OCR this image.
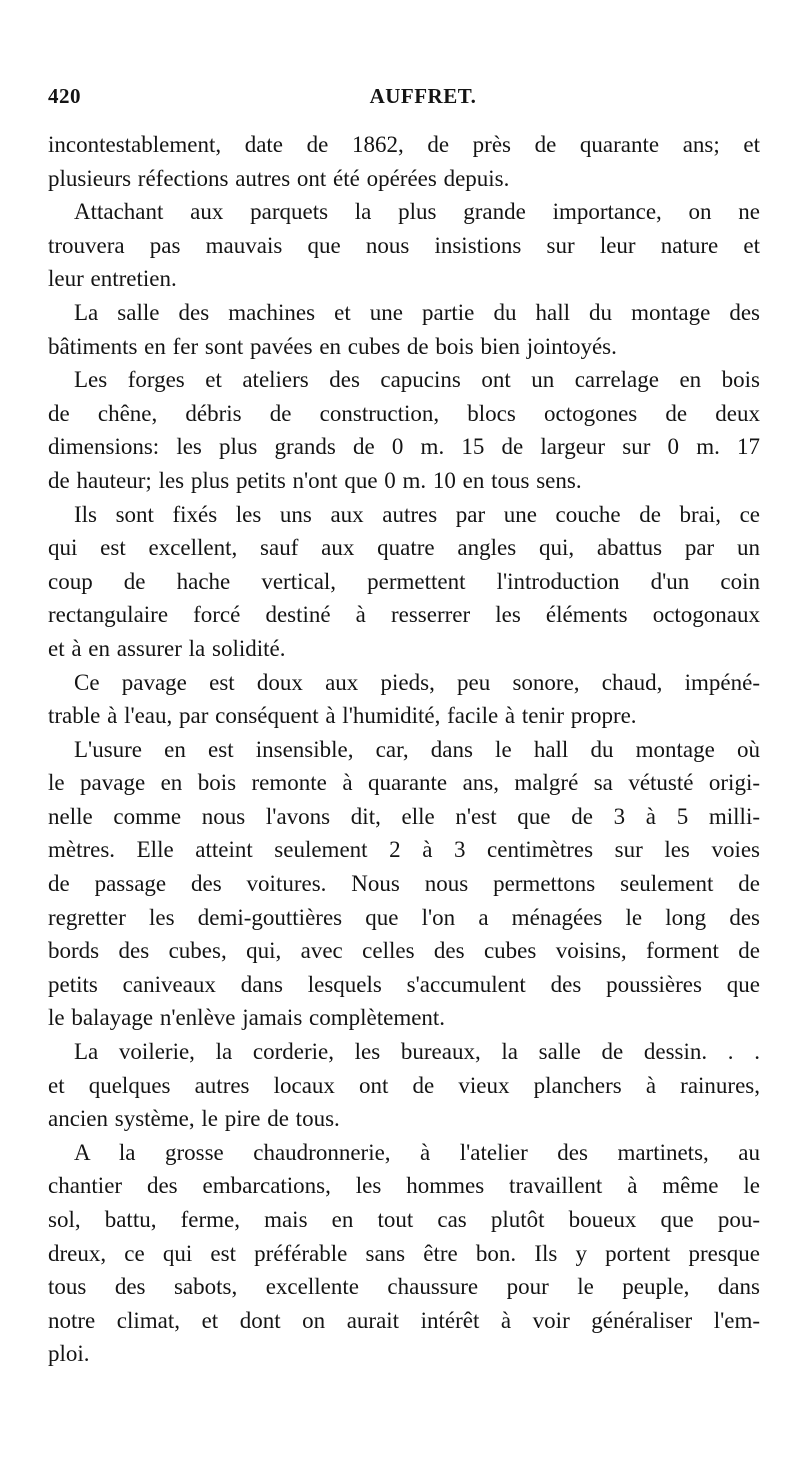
420	AUFFRET.
incontestablement, date de 1862, de près de quarante ans; et
plusieurs réfections autres ont été opérées depuis.
Attachant aux parquets la plus grande importance, on ne
trouvera pas mauvais que nous insistions sur leur nature et
leur entretien.
La salle des machines et une partie du hall du montage des
bâtiments en fer sont pavées en cubes de bois bien jointoyés.
Les forges et ateliers des capucins ont un carrelage en bois
de chêne, débris de construction, blocs octogones de deux
dimensions: les plus grands de 0 m. 15 de largeur sur 0 m. 17
de hauteur; les plus petits n'ont que 0 m. 10 en tous sens.
Ils sont fixés les uns aux autres par une couche de brai, ce
qui est excellent, sauf aux quatre angles qui, abattus par un
coup de hache vertical, permettent l'introduction d'un coin
rectangulaire forcé destiné à resserrer les éléments octogonaux
et à en assurer la solidité.
Ce pavage est doux aux pieds, peu sonore, chaud, impéné-
trable à l'eau, par conséquent à l'humidité, facile à tenir propre.
L'usure en est insensible, car, dans le hall du montage où
le pavage en bois remonte à quarante ans, malgré sa vétusté origi-
nelle comme nous l'avons dit, elle n'est que de 3 à 5 milli-
mètres. Elle atteint seulement 2 à 3 centimètres sur les voies
de passage des voitures. Nous nous permettons seulement de
regretter les demi-gouttières que l'on a ménagées le long des
bords des cubes, qui, avec celles des cubes voisins, forment de
petits caniveaux dans lesquels s'accumulent des poussières que
le balayage n'enlève jamais complètement.
La voilerie, la corderie, les bureaux, la salle de dessin. . .
et quelques autres locaux ont de vieux planchers à rainures,
ancien système, le pire de tous.
A la grosse chaudronnerie, à l'atelier des martinets, au
chantier des embarcations, les hommes travaillent à même le
sol, battu, ferme, mais en tout cas plutôt boueux que pou-
dreux, ce qui est préférable sans être bon. Ils y portent presque
tous des sabots, excellente chaussure pour le peuple, dans
notre climat, et dont on aurait intérêt à voir généraliser l'em-
ploi.
